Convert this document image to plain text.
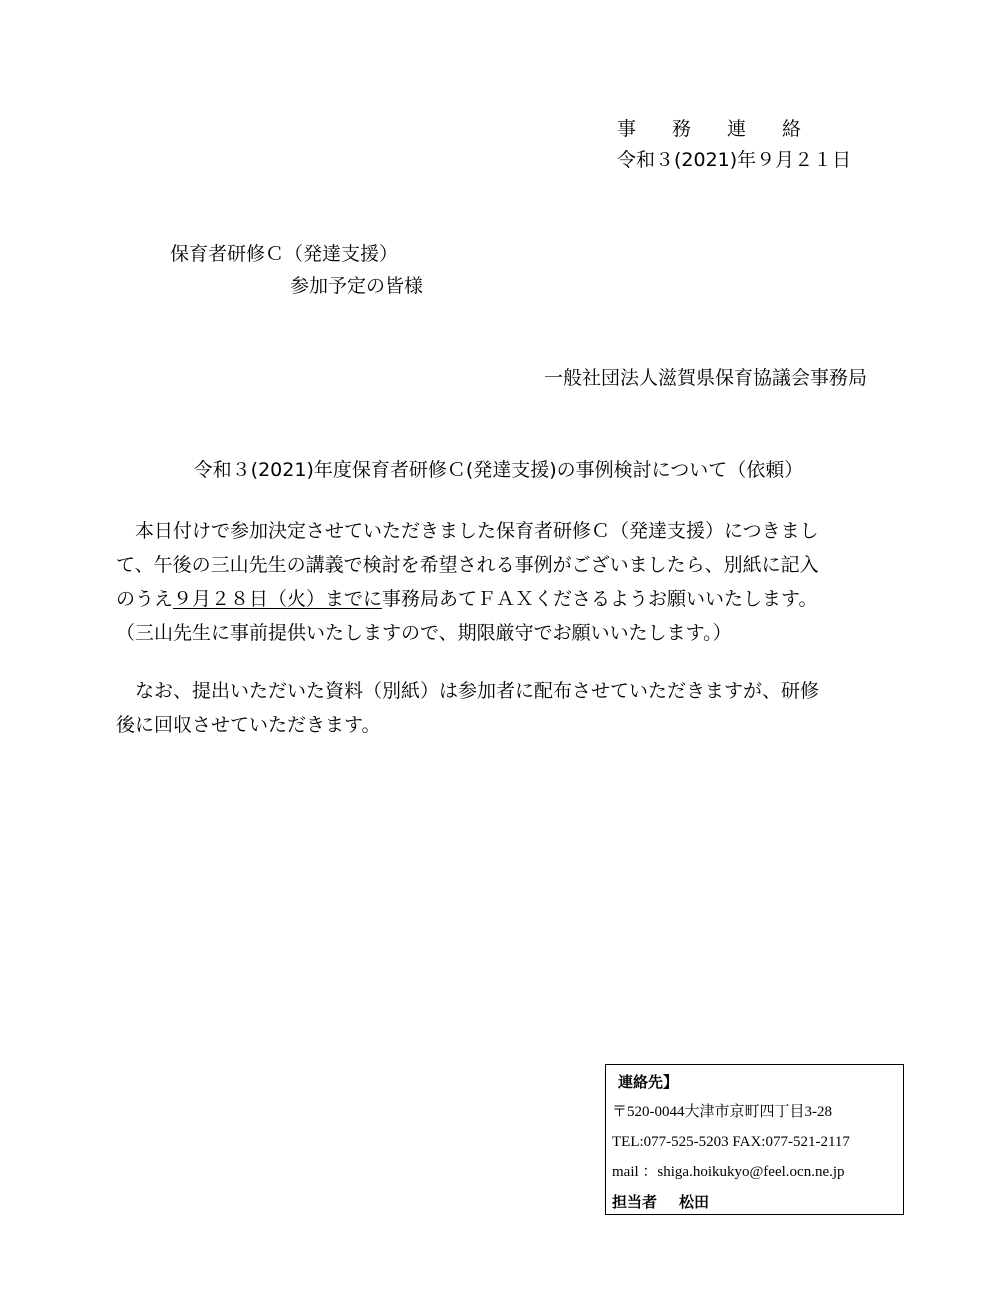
事務連絡
令和３(2021)年９月２１日
保育者研修Ｃ（発達支援）
参加予定の皆様
一般社団法人滋賀県保育協議会事務局
令和３(2021)年度保育者研修Ｃ(発達支援)の事例検討について（依頼）
　本日付けで参加決定させていただきました保育者研修Ｃ（発達支援）につきまし
て、午後の三山先生の講義で検討を希望される事例がございましたら、別紙に記入
のうえ９月２８日（火）までに事務局あてＦＡＸくださるようお願いいたします。
（三山先生に事前提供いたしますので、期限厳守でお願いいたします。）
　なお、提出いただいた資料（別紙）は参加者に配布させていただきますが、研修
後に回収させていただきます。
連絡先】
〒520-0044大津市京町四丁目3-28
TEL:077-525-5203 FAX:077-521-2117
mail ：shiga.hoikukyo@feel.ocn.ne.jp
担当者 松田
